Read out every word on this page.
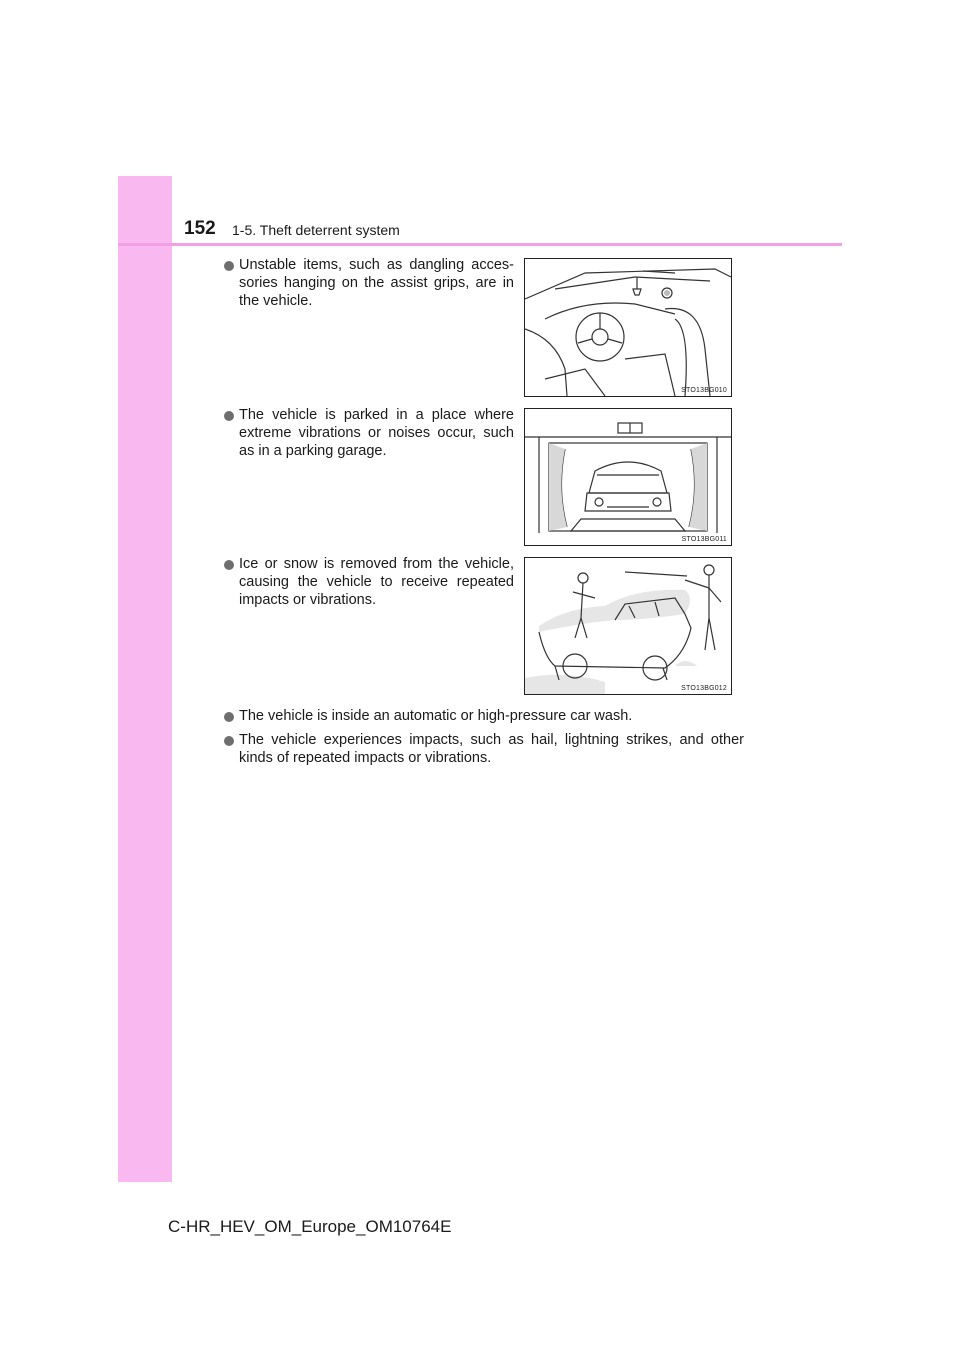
152 1-5. Theft deterrent system
Unstable items, such as dangling acces-sories hanging on the assist grips, are in the vehicle.
STO13BG010
The vehicle is parked in a place where extreme vibrations or noises occur, such as in a parking garage.
STO13BG011
Ice or snow is removed from the vehicle, causing the vehicle to receive repeated impacts or vibrations.
STO13BG012
The vehicle is inside an automatic or high-pressure car wash.
The vehicle experiences impacts, such as hail, lightning strikes, and other kinds of repeated impacts or vibrations.
C-HR_HEV_OM_Europe_OM10764E
